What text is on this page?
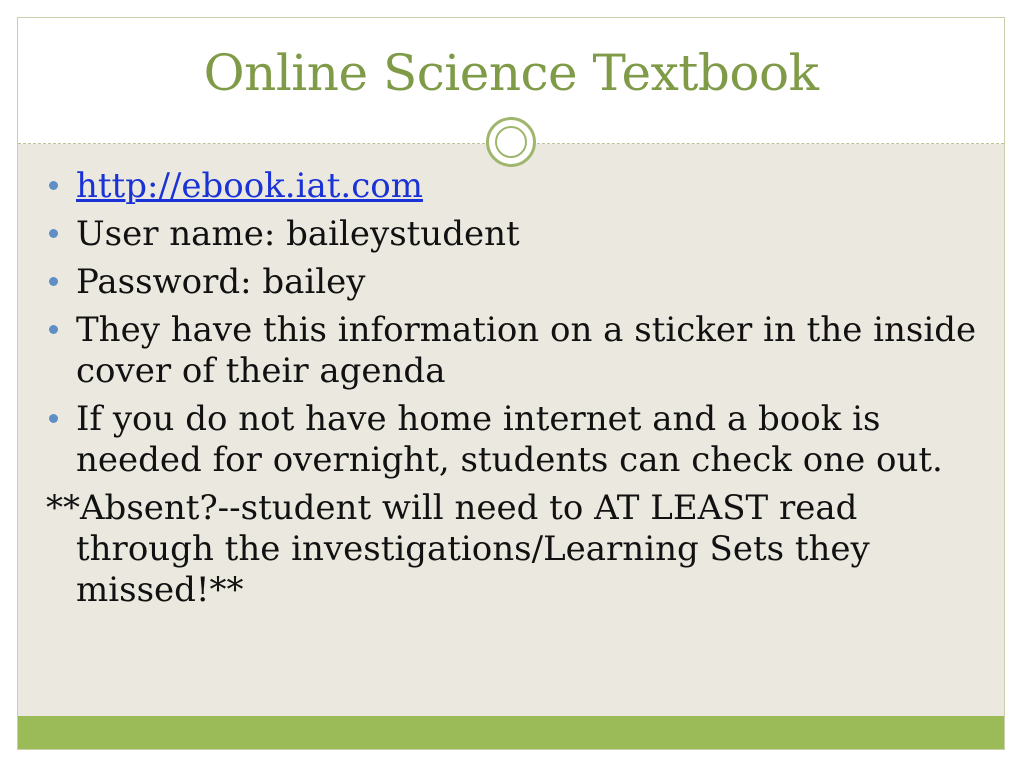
Online Science Textbook
http://ebook.iat.com
User name: baileystudent
Password: bailey
They have this information on a sticker in the inside cover of their agenda
If you do not have home internet and a book is needed for overnight, students can check one out.
**Absent?--student will need to AT LEAST read through the investigations/Learning Sets they missed!**
